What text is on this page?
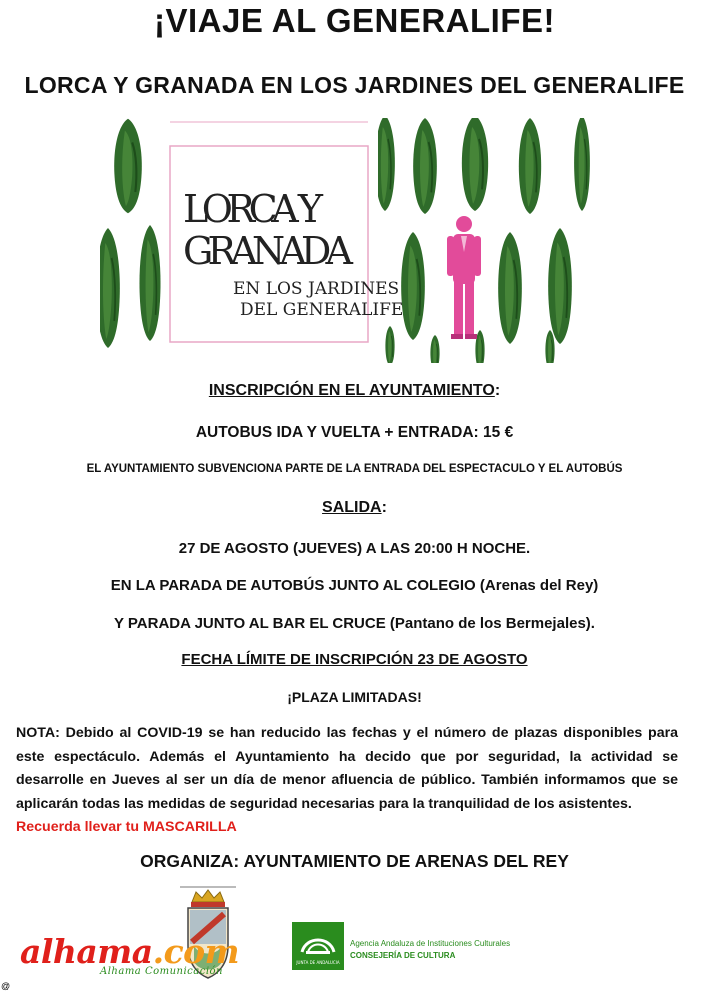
¡VIAJE AL GENERALIFE!
LORCA Y GRANADA EN LOS JARDINES DEL GENERALIFE
LORCA Y
GRANADA
EN LOS JARDINES
DEL GENERALIFE
INSCRIPCIÓN EN EL AYUNTAMIENTO:
AUTOBUS IDA Y VUELTA + ENTRADA: 15 €
EL AYUNTAMIENTO SUBVENCIONA PARTE DE LA ENTRADA DEL ESPECTACULO Y EL AUTOBÚS
SALIDA:
27 DE AGOSTO (JUEVES) A LAS 20:00 H NOCHE.
EN LA PARADA DE AUTOBÚS JUNTO AL COLEGIO (Arenas del Rey)
Y PARADA JUNTO AL BAR EL CRUCE (Pantano de los Bermejales).
FECHA LÍMITE DE INSCRIPCIÓN 23 DE AGOSTO
¡PLAZA LIMITADAS!
NOTA: Debido al COVID-19 se han reducido las fechas y el número de plazas disponibles para este espectáculo. Además el Ayuntamiento ha decido que por seguridad, la actividad se desarrolle en Jueves al ser un día de menor afluencia de público. También informamos que se aplicarán todas las medidas de seguridad necesarias para la tranquilidad de los asistentes.
Recuerda llevar tu MASCARILLA
ORGANIZA: AYUNTAMIENTO DE ARENAS DEL REY
alhama.com
Alhama Comunicación
JUNTA DE ANDALUCIA
Agencia Andaluza de Instituciones Culturales
CONSEJERÍA DE CULTURA
@
